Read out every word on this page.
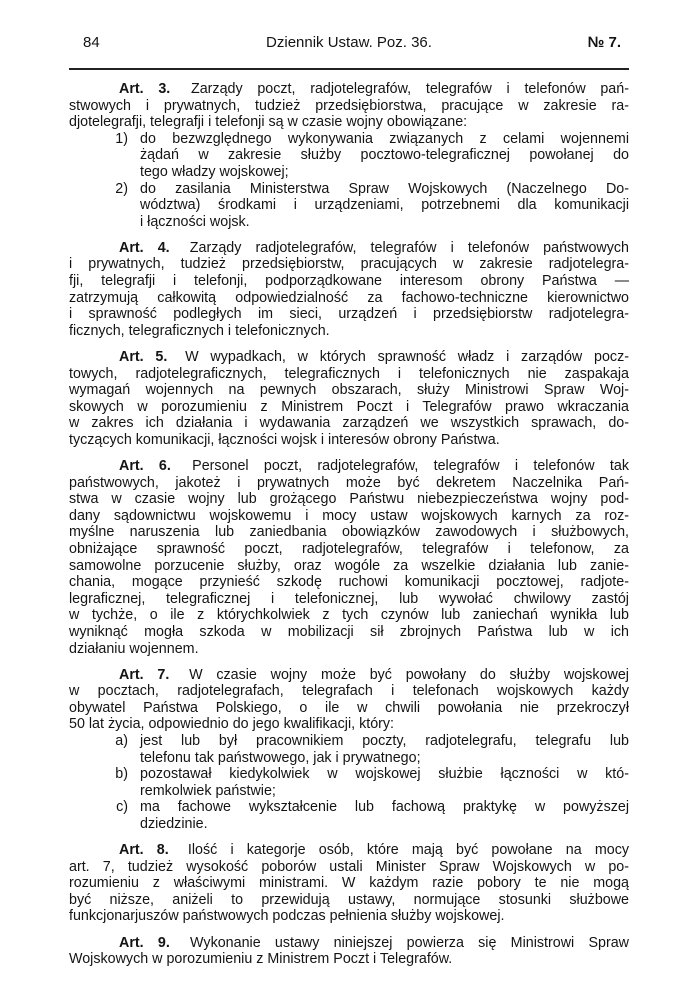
84	Dziennik Ustaw. Poz. 36.	№ 7.
Art. 3. Zarządy poczt, radjotelegrafów, telegrafów i telefonów pań-
stwowych i prywatnych, tudzież przedsiębiorstwa, pracujące w zakresie ra-
djotelegrafji, telegrafji i telefonji są w czasie wojny obowiązane:
1) do bezwzględnego wykonywania związanych z celami wojennemi
żądań w zakresie służby pocztowo-telegraficznej powołanej do
tego władzy wojskowej;
2) do zasilania Ministerstwa Spraw Wojskowych (Naczelnego Do-
wództwa) środkami i urządzeniami, potrzebnemi dla komunikacji
i łączności wojsk.
Art. 4. Zarządy radjotelegrafów, telegrafów i telefonów państwowych
i prywatnych, tudzież przedsiębiorstw, pracujących w zakresie radjotelegra-
fji, telegrafji i telefonji, podporządkowane interesom obrony Państwa —
zatrzymują całkowitą odpowiedzialność za fachowo-techniczne kierownictwo
i sprawność podległych im sieci, urządzeń i przedsiębiorstw radjotelegra-
ficznych, telegraficznych i telefonicznych.
Art. 5. W wypadkach, w których sprawność władz i zarządów pocz-
towych, radjotelegraficznych, telegraficznych i telefonicznych nie zaspakaja
wymagań wojennych na pewnych obszarach, służy Ministrowi Spraw Woj-
skowych w porozumieniu z Ministrem Poczt i Telegrafów prawo wkraczania
w zakres ich działania i wydawania zarządzeń we wszystkich sprawach, do-
tyczących komunikacji, łączności wojsk i interesów obrony Państwa.
Art. 6. Personel poczt, radjotelegrafów, telegrafów i telefonów tak
państwowych, jakoteż i prywatnych może być dekretem Naczelnika Pań-
stwa w czasie wojny lub grożącego Państwu niebezpieczeństwa wojny pod-
dany sądownictwu wojskowemu i mocy ustaw wojskowych karnych za roz-
myślne naruszenia lub zaniedbania obowiązków zawodowych i służbowych,
obniżające sprawność poczt, radjotelegrafów, telegrafów i telefonow, za
samowolne porzucenie służby, oraz wogóle za wszelkie działania lub zanie-
chania, mogące przynieść szkodę ruchowi komunikacji pocztowej, radjote-
legraficznej, telegraficznej i telefonicznej, lub wywołać chwilowy zastój
w tychże, o ile z którychkolwiek z tych czynów lub zaniechań wynikła lub
wyniknąć mogła szkoda w mobilizacji sił zbrojnych Państwa lub w ich
działaniu wojennem.
Art. 7. W czasie wojny może być powołany do służby wojskowej
w pocztach, radjotelegrafach, telegrafach i telefonach wojskowych każdy
obywatel Państwa Polskiego, o ile w chwili powołania nie przekroczył
50 lat życia, odpowiednio do jego kwalifikacji, który:
a) jest lub był pracownikiem poczty, radjotelegrafu, telegrafu lub
telefonu tak państwowego, jak i prywatnego;
b) pozostawał kiedykolwiek w wojskowej służbie łączności w któ-
remkolwiek państwie;
c) ma fachowe wykształcenie lub fachową praktykę w powyższej
dziedzinie.
Art. 8. Ilość i kategorje osób, które mają być powołane na mocy
art. 7, tudzież wysokość poborów ustali Minister Spraw Wojskowych w po-
rozumieniu z właściwymi ministrami. W każdym razie pobory te nie mogą
być niższe, aniżeli to przewidują ustawy, normujące stosunki służbowe
funkcjonarjuszów państwowych podczas pełnienia służby wojskowej.
Art. 9. Wykonanie ustawy niniejszej powierza się Ministrowi Spraw
Wojskowych w porozumieniu z Ministrem Poczt i Telegrafów.
